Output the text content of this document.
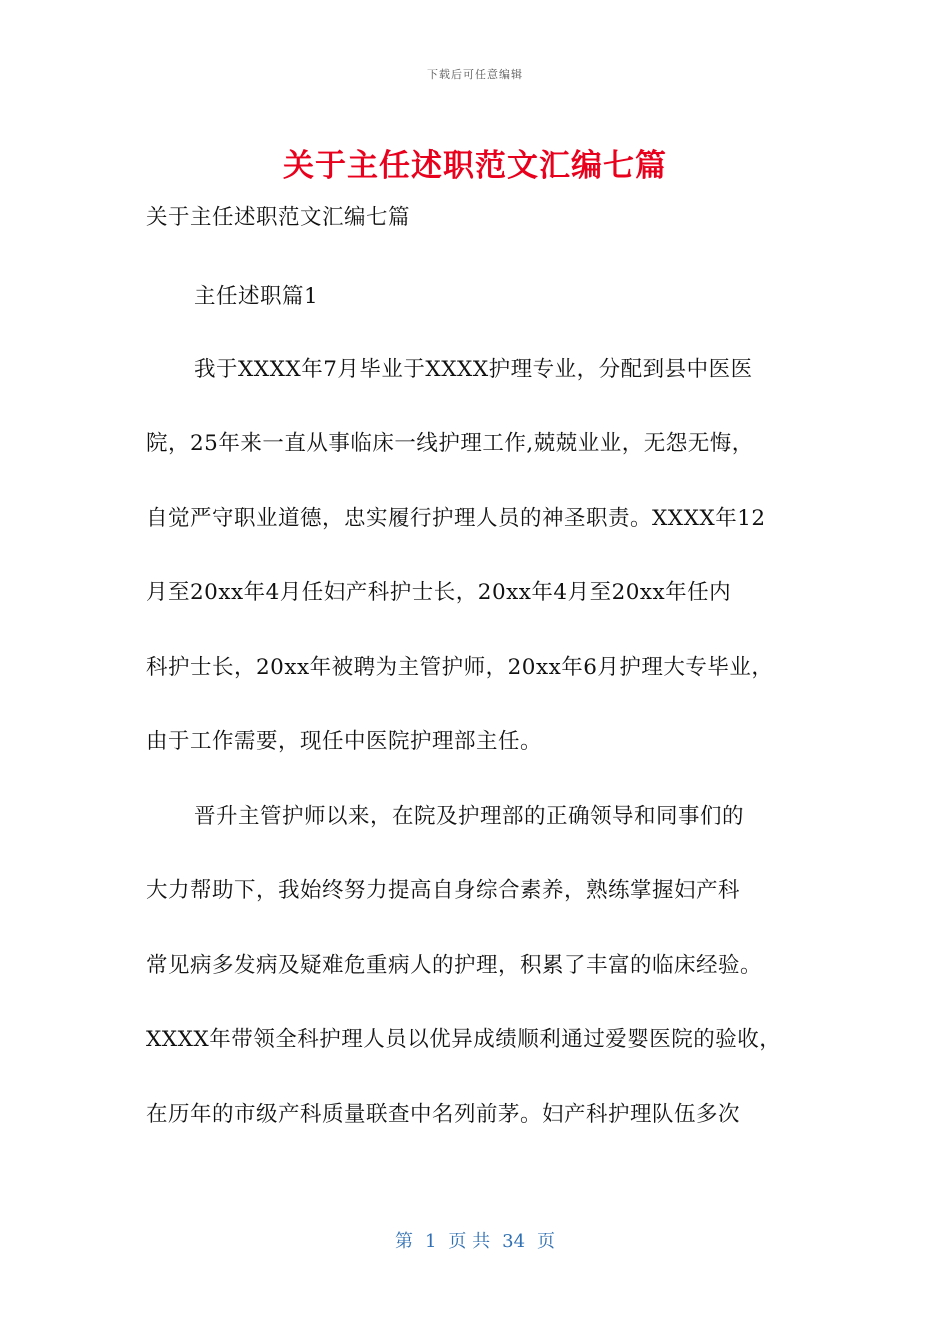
下载后可任意编辑
关于主任述职范文汇编七篇
关于主任述职范文汇编七篇
主任述职篇1
我于XXXX年7月毕业于XXXX护理专业，分配到县中医医
院，25年来一直从事临床一线护理工作,兢兢业业，无怨无悔，
自觉严守职业道德，忠实履行护理人员的神圣职责。XXXX年12
月至20xx年4月任妇产科护士长，20xx年4月至20xx年任内
科护士长，20xx年被聘为主管护师，20xx年6月护理大专毕业，
由于工作需要，现任中医院护理部主任。
晋升主管护师以来，在院及护理部的正确领导和同事们的
大力帮助下，我始终努力提高自身综合素养，熟练掌握妇产科
常见病多发病及疑难危重病人的护理，积累了丰富的临床经验。
XXXX年带领全科护理人员以优异成绩顺利通过爱婴医院的验收，
在历年的市级产科质量联查中名列前茅。妇产科护理队伍多次
第 1 页 共 34 页
